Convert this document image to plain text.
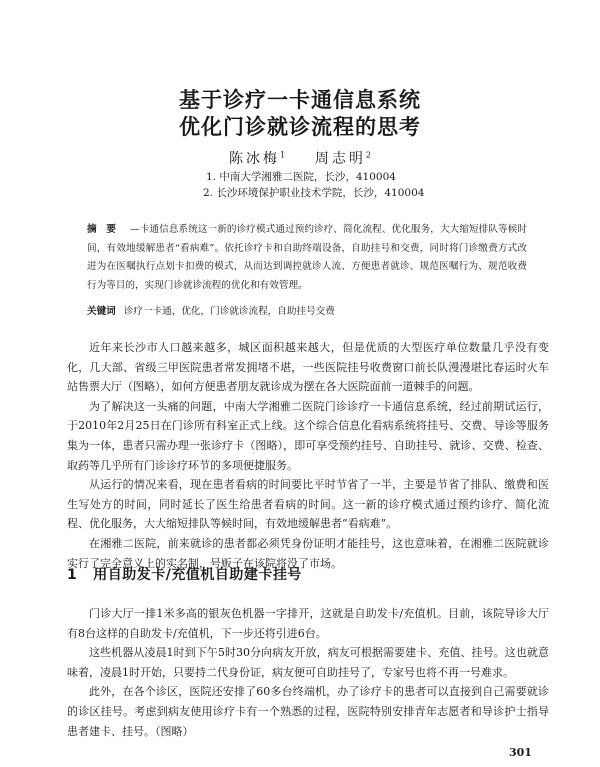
基于诊疗一卡通信息系统
优化门诊就诊流程的思考
陈冰梅$^1$ 周志明$^2$
1. 中南大学湘雅二医院，长沙，410004
2. 长沙环境保护职业技术学院，长沙，410004
摘　要 —卡通信息系统这一新的诊疗模式通过预约诊疗、简化流程、优化服务，大大缩短排队等候时间，有效地缓解患者“看病难”。依托诊疗卡和自助终端设备，自助挂号和交费，同时将门诊缴费方式改进为在医嘱执行点划卡扣费的模式，从而达到调控就诊人流、方便患者就诊、规范医嘱行为、规范收费行为等目的，实现门诊就诊流程的优化和有效管理。
关键词 诊疗一卡通，优化，门诊就诊流程，自助挂号交费

近年来长沙市人口越来越多，城区面积越来越大，但是优质的大型医疗单位数量几乎没有变化，几大部、省级三甲医院患者常发拥堵不堪，一些医院挂号收费窗口前长队漫漫堪比春运时火车站售票大厅（图略），如何方便患者朋友就诊成为摆在各大医院面前一道棘手的问题。

为了解决这一头痛的问题，中南大学湘雅二医院门诊诊疗一卡通信息系统，经过前期试运行，于2010年2月25日在门诊所有科室正式上线。这个综合信息化看病系统将挂号、交费、导诊等服务集为一体，患者只需办理一张诊疗卡（图略），即可享受预约挂号、自助挂号、就诊、交费、检查、取药等几乎所有门诊诊疗环节的多项便捷服务。

从运行的情况来看，现在患者看病的时间要比平时节省了一半，主要是节省了排队、缴费和医生写处方的时间，同时延长了医生给患者看病的时间。这一新的诊疗模式通过预约诊疗、简化流程、优化服务，大大缩短排队等候时间，有效地缓解患者“看病难”。

在湘雅二医院，前来就诊的患者都必须凭身份证明才能挂号，这也意味着，在湘雅二医院就诊实行了完全意义上的实名制，号贩子在该院将没了市场。

1 用自助发卡/充值机自助建卡挂号

门诊大厅一排1米多高的银灰色机器一字排开，这就是自助发卡/充值机。目前，该院导诊大厅有8台这样的自助发卡/充值机，下一步还将引进6台。

这些机器从凌晨1时到下午5时30分向病友开放，病友可根据需要建卡、充值、挂号。这也就意味着，凌晨1时开始，只要持二代身份证，病友便可自助挂号了，专家号也将不再一号难求。

此外，在各个诊区，医院还安排了60多台终端机，办了诊疗卡的患者可以直接到自己需要就诊的诊区挂号。考虑到病友使用诊疗卡有一个熟悉的过程，医院特别安排青年志愿者和导诊护士指导患者建卡、挂号。（图略）

301
